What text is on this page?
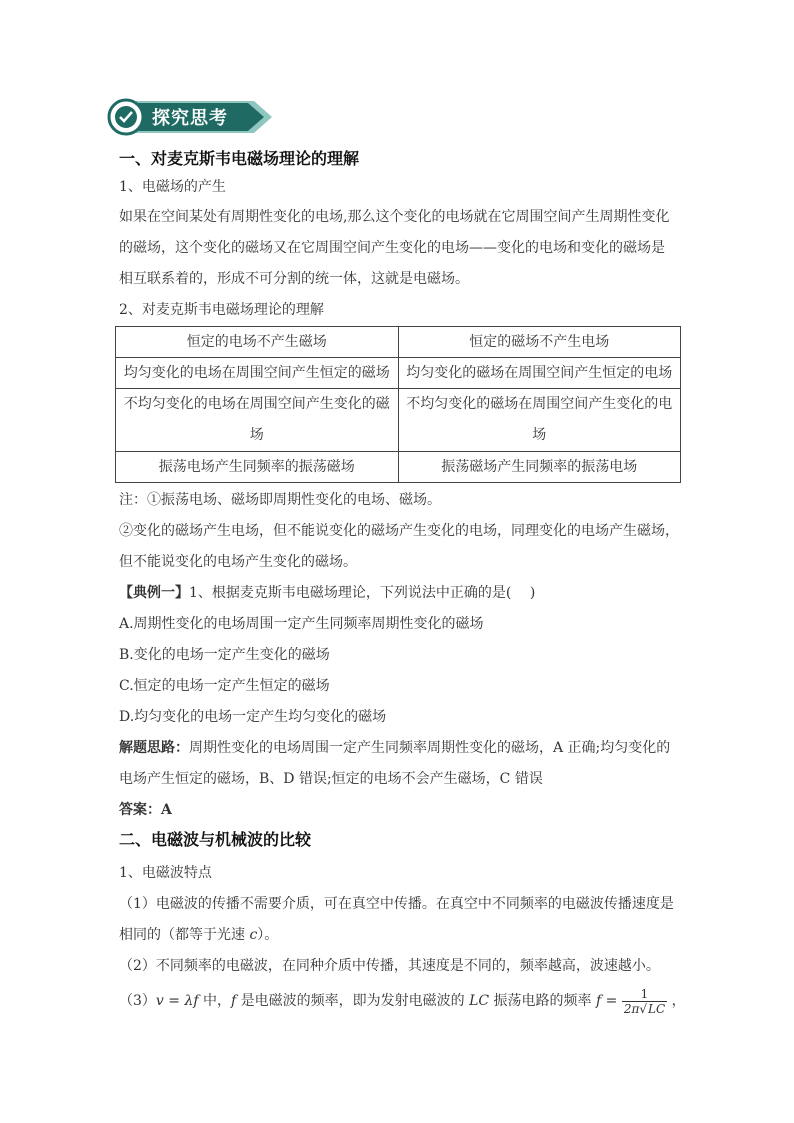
探究思考
一、对麦克斯韦电磁场理论的理解
1、电磁场的产生
如果在空间某处有周期性变化的电场,那么这个变化的电场就在它周围空间产生周期性变化
的磁场，这个变化的磁场又在它周围空间产生变化的电场——变化的电场和变化的磁场是
相互联系着的，形成不可分割的统一体，这就是电磁场。
2、对麦克斯韦电磁场理论的理解
恒定的电场不产生磁场	恒定的磁场不产生电场
均匀变化的电场在周围空间产生恒定的磁场	均匀变化的磁场在周围空间产生恒定的电场
不均匀变化的电场在周围空间产生变化的磁场	不均匀变化的磁场在周围空间产生变化的电场
振荡电场产生同频率的振荡磁场	振荡磁场产生同频率的振荡电场
注：①振荡电场、磁场即周期性变化的电场、磁场。
②变化的磁场产生电场，但不能说变化的磁场产生变化的电场，同理变化的电场产生磁场，
但不能说变化的电场产生变化的磁场。
【典例一】1、根据麦克斯韦电磁场理论，下列说法中正确的是(　 )
A.周期性变化的电场周围一定产生同频率周期性变化的磁场
B.变化的电场一定产生变化的磁场
C.恒定的电场一定产生恒定的磁场
D.均匀变化的电场一定产生均匀变化的磁场
解题思路：周期性变化的电场周围一定产生同频率周期性变化的磁场，A 正确;均匀变化的
电场产生恒定的磁场，B、D 错误;恒定的电场不会产生磁场，C 错误
答案：A
二、电磁波与机械波的比较
1、电磁波特点
（1）电磁波的传播不需要介质，可在真空中传播。在真空中不同频率的电磁波传播速度是
相同的（都等于光速 c）。
（2）不同频率的电磁波，在同种介质中传播，其速度是不同的，频率越高，波速越小。
（3）v = λf 中，f 是电磁波的频率，即为发射电磁波的 LC 振荡电路的频率 $f = \frac{1}{2\pi√LC}$ ，
